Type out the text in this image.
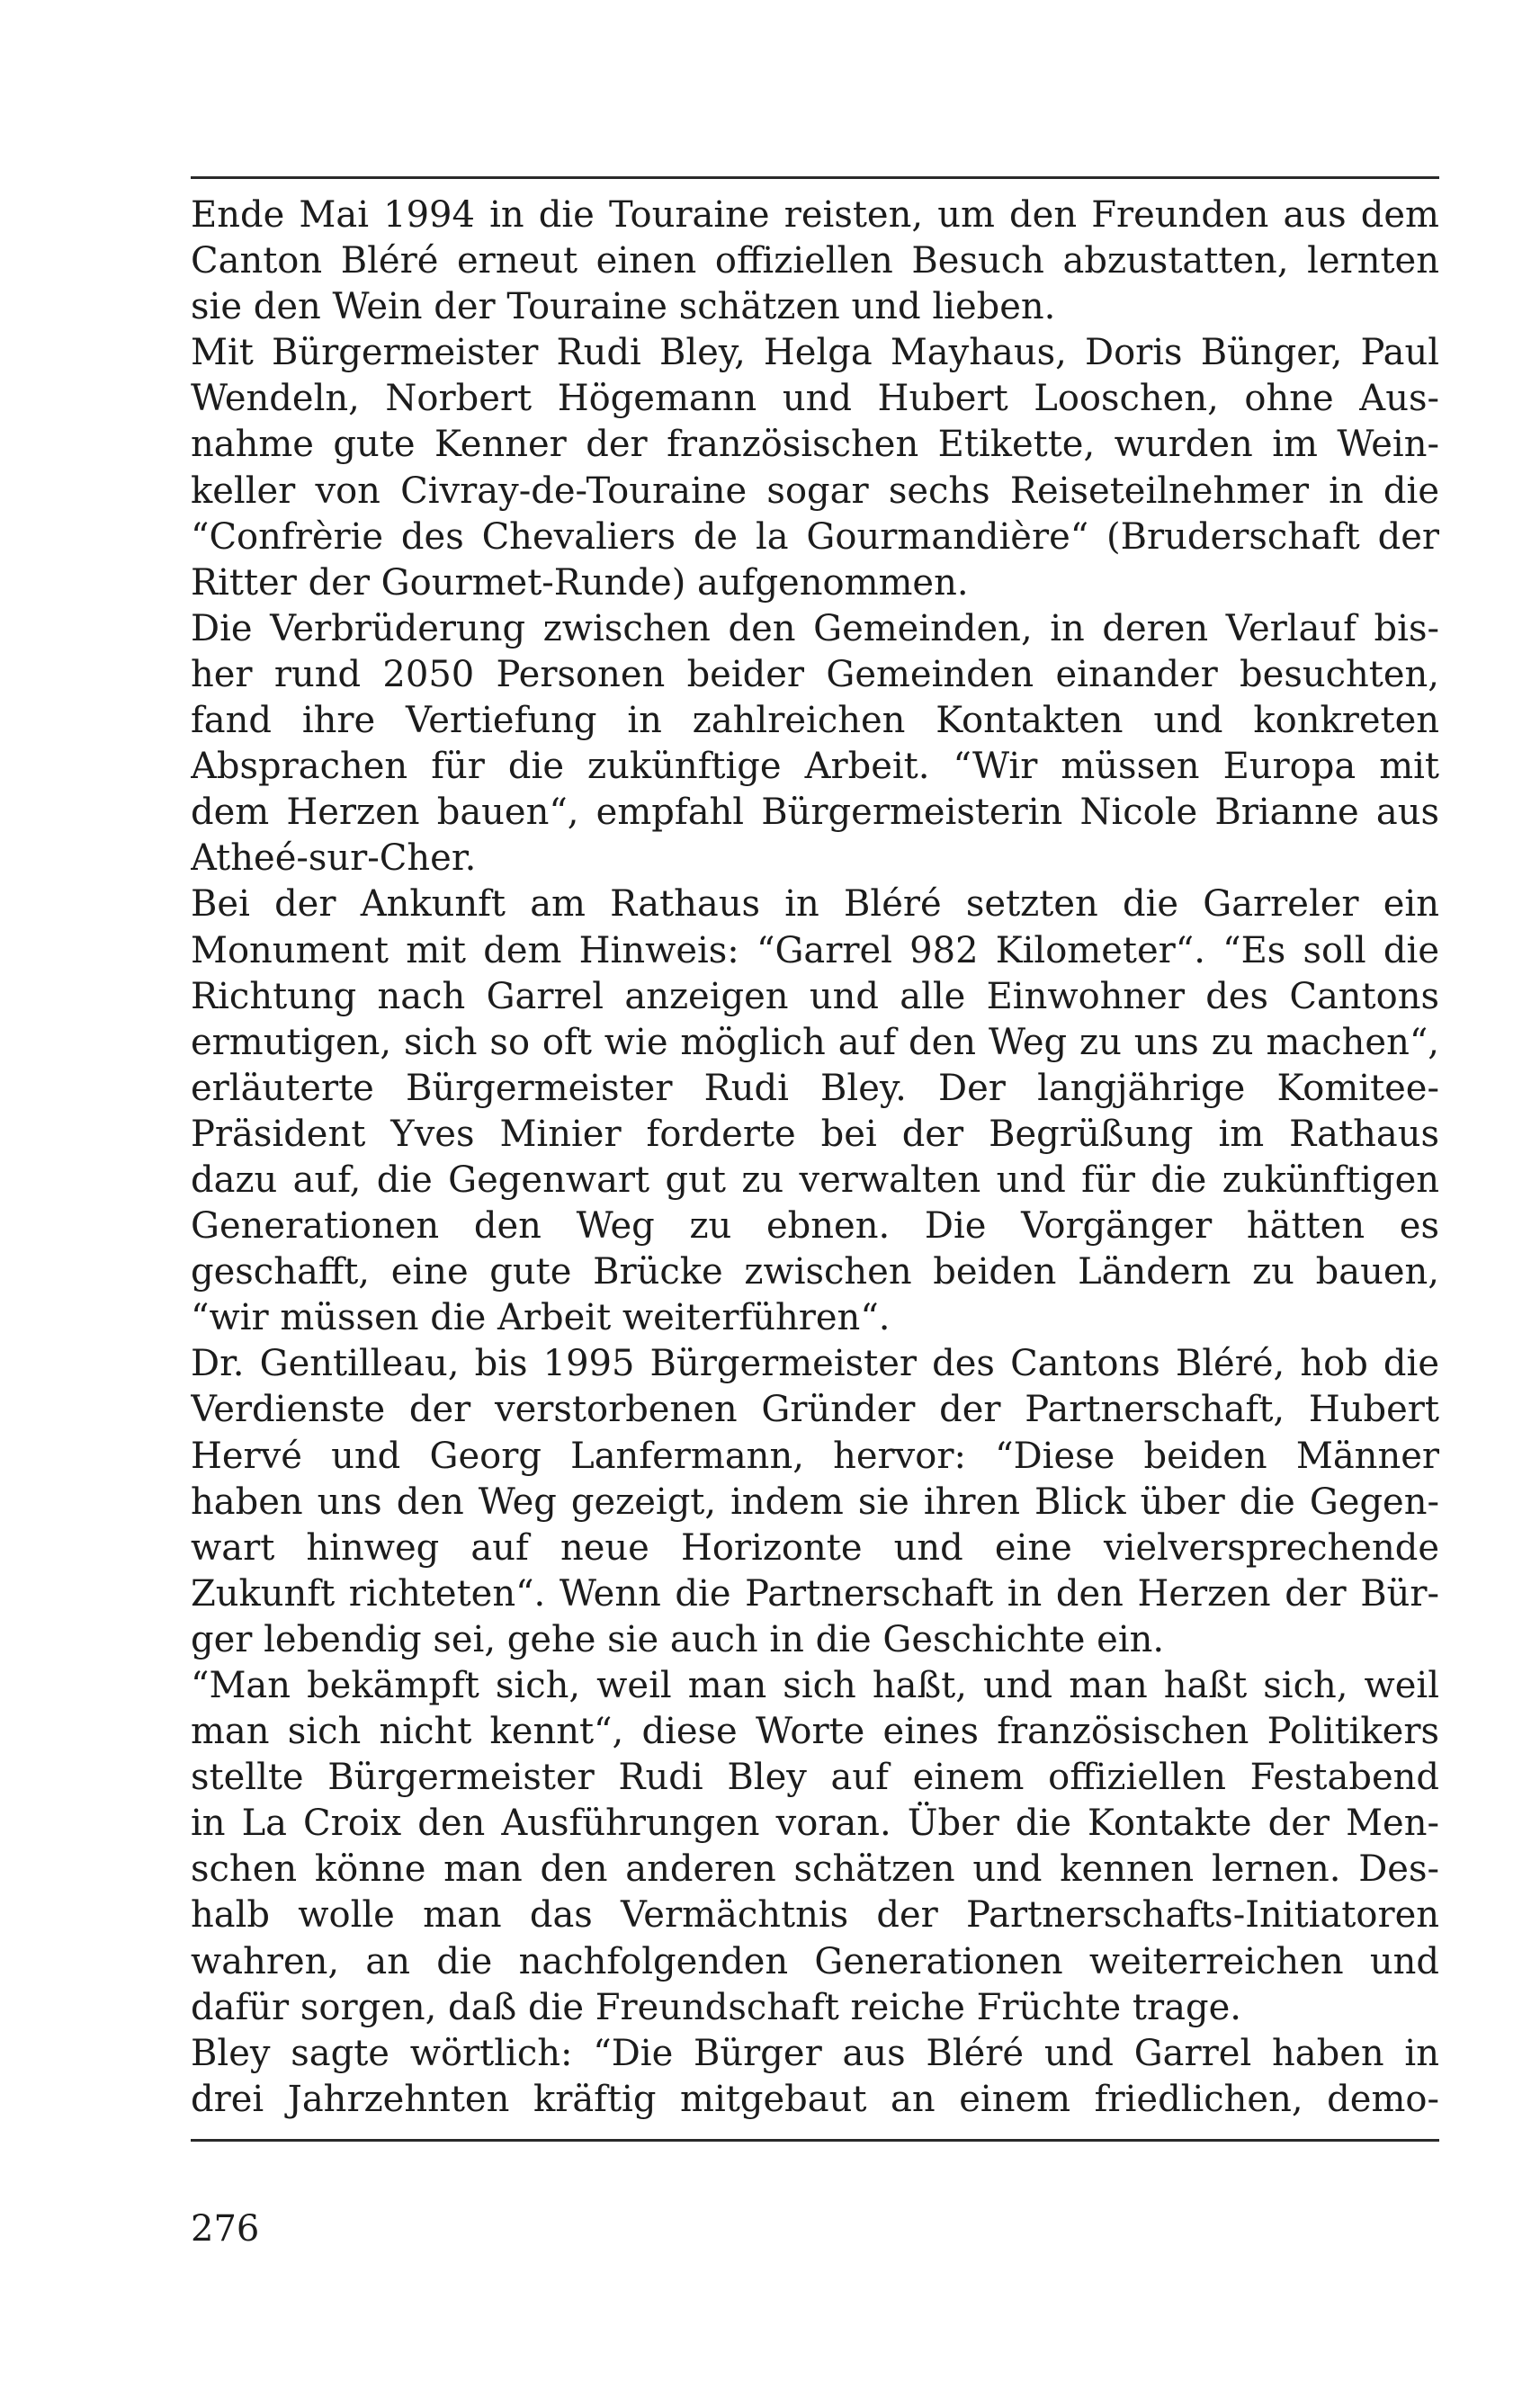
Ende Mai 1994 in die Touraine reisten, um den Freunden aus dem
Canton Bléré erneut einen offiziellen Besuch abzustatten, lernten
sie den Wein der Touraine schätzen und lieben.
Mit Bürgermeister Rudi Bley, Helga Mayhaus, Doris Bünger, Paul
Wendeln, Norbert Högemann und Hubert Looschen, ohne Aus-
nahme gute Kenner der französischen Etikette, wurden im Wein-
keller von Civray-de-Touraine sogar sechs Reiseteilnehmer in die
“Confrèrie des Chevaliers de la Gourmandière“ (Bruderschaft der
Ritter der Gourmet-Runde) aufgenommen.
Die Verbrüderung zwischen den Gemeinden, in deren Verlauf bis-
her rund 2050 Personen beider Gemeinden einander besuchten,
fand ihre Vertiefung in zahlreichen Kontakten und konkreten
Absprachen für die zukünftige Arbeit. “Wir müssen Europa mit
dem Herzen bauen“, empfahl Bürgermeisterin Nicole Brianne aus
Atheé-sur-Cher.
Bei der Ankunft am Rathaus in Bléré setzten die Garreler ein
Monument mit dem Hinweis: “Garrel 982 Kilometer“. “Es soll die
Richtung nach Garrel anzeigen und alle Einwohner des Cantons
ermutigen, sich so oft wie möglich auf den Weg zu uns zu machen“,
erläuterte Bürgermeister Rudi Bley. Der langjährige Komitee-
Präsident Yves Minier forderte bei der Begrüßung im Rathaus
dazu auf, die Gegenwart gut zu verwalten und für die zukünftigen
Generationen den Weg zu ebnen. Die Vorgänger hätten es
geschafft, eine gute Brücke zwischen beiden Ländern zu bauen,
“wir müssen die Arbeit weiterführen“.
Dr. Gentilleau, bis 1995 Bürgermeister des Cantons Bléré, hob die
Verdienste der verstorbenen Gründer der Partnerschaft, Hubert
Hervé und Georg Lanfermann, hervor: “Diese beiden Männer
haben uns den Weg gezeigt, indem sie ihren Blick über die Gegen-
wart hinweg auf neue Horizonte und eine vielversprechende
Zukunft richteten“. Wenn die Partnerschaft in den Herzen der Bür-
ger lebendig sei, gehe sie auch in die Geschichte ein.
“Man bekämpft sich, weil man sich haßt, und man haßt sich, weil
man sich nicht kennt“, diese Worte eines französischen Politikers
stellte Bürgermeister Rudi Bley auf einem offiziellen Festabend
in La Croix den Ausführungen voran. Über die Kontakte der Men-
schen könne man den anderen schätzen und kennen lernen. Des-
halb wolle man das Vermächtnis der Partnerschafts-Initiatoren
wahren, an die nachfolgenden Generationen weiterreichen und
dafür sorgen, daß die Freundschaft reiche Früchte trage.
Bley sagte wörtlich: “Die Bürger aus Bléré und Garrel haben in
drei Jahrzehnten kräftig mitgebaut an einem friedlichen, demo-
276
